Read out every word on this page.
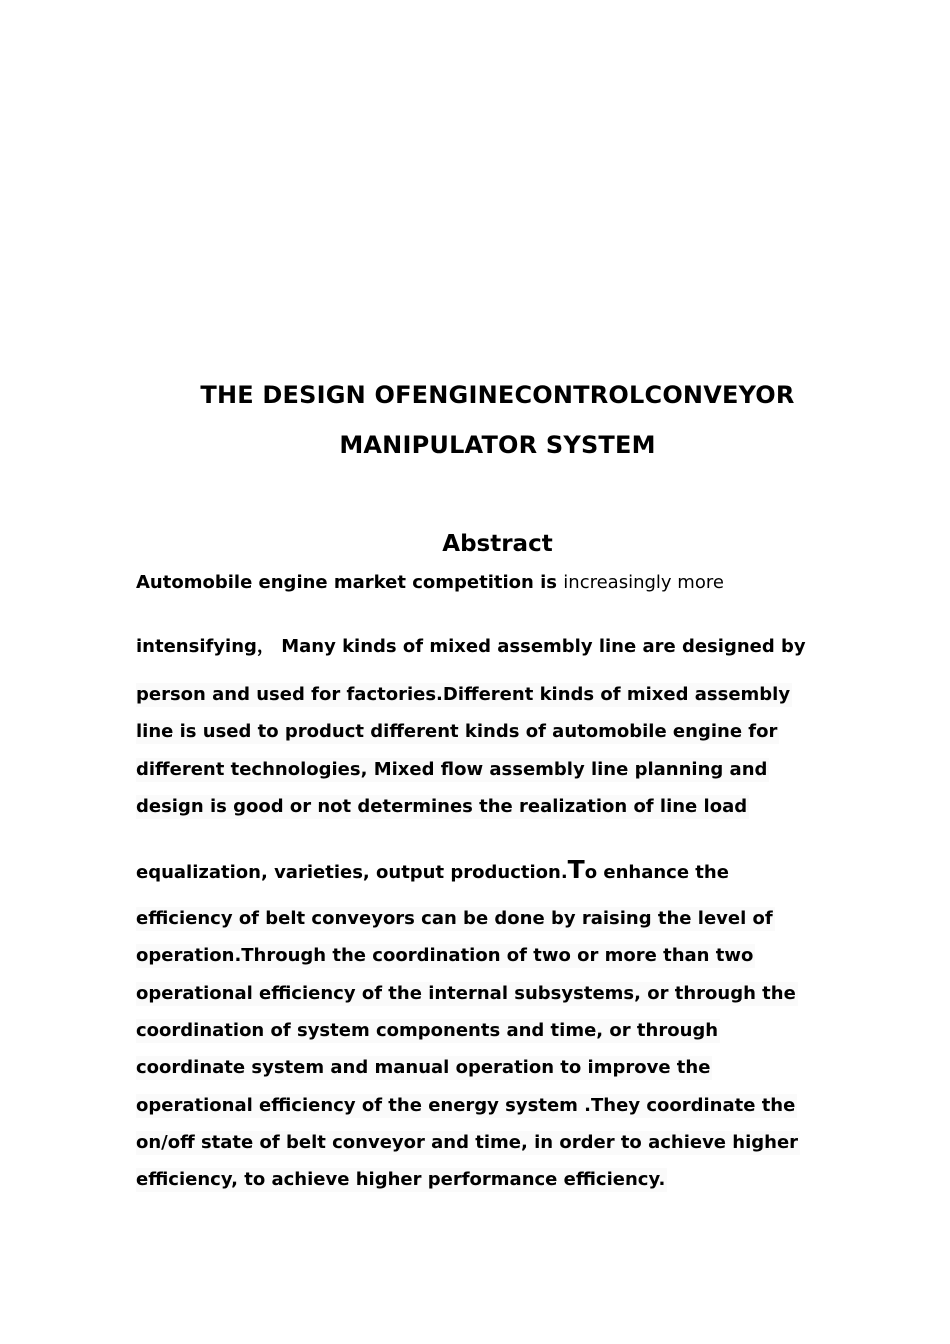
THE DESIGN OFENGINECONTROLCONVEYOR
MANIPULATOR SYSTEM
Abstract
Automobile engine market competition is increasingly more
intensifying， Many kinds of mixed assembly line are designed by
person and used for factories.Different kinds of mixed assembly
line is used to product different kinds of automobile engine for
different technologies, Mixed flow assembly line planning and
design is good or not determines the realization of line load
equalization, varieties, output production.To enhance the
efficiency of belt conveyors can be done by raising the level of
operation.Through the coordination of two or more than two
operational efficiency of the internal subsystems, or through the
coordination of system components and time, or through
coordinate system and manual operation to improve the
operational efficiency of the energy system .They coordinate the
on/off state of belt conveyor and time, in order to achieve higher
efficiency, to achieve higher performance efficiency.
